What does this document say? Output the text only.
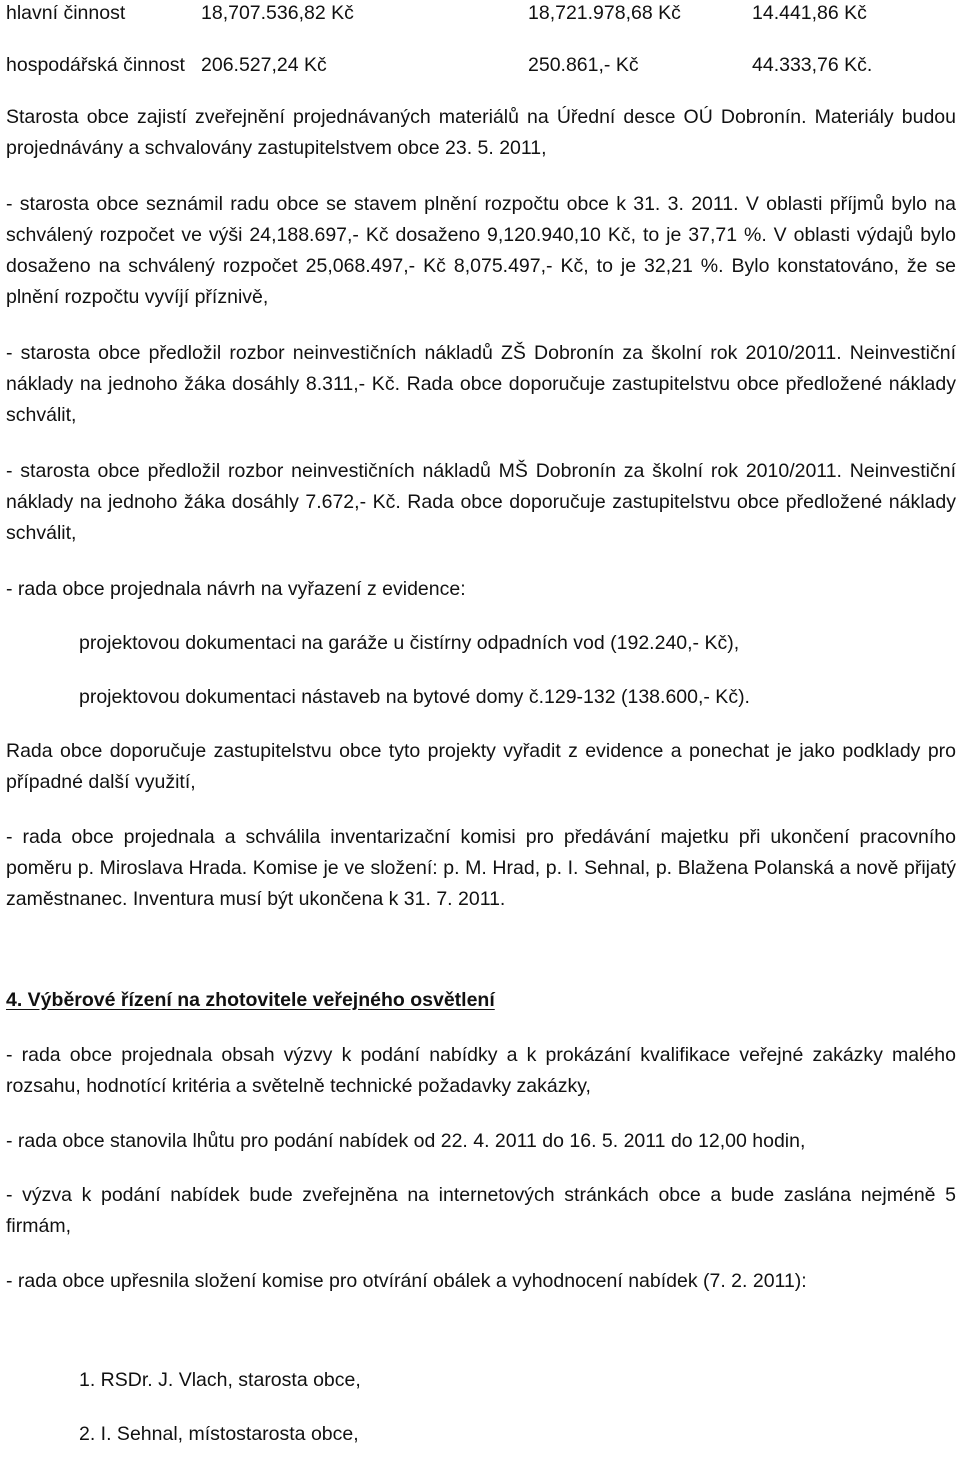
hlavní činnost	18,707.536,82 Kč	18,721.978,68 Kč	14.441,86 Kč
hospodářská činnost 206.527,24 Kč	250.861,- Kč	44.333,76 Kč.

Starosta obce zajistí zveřejnění projednávaných materiálů na Úřední desce OÚ Dobronín. Materiály budou projednávány a schvalovány zastupitelstvem obce 23. 5. 2011,

- starosta obce seznámil radu obce se stavem plnění rozpočtu obce k 31. 3. 2011. V oblasti příjmů bylo na schválený rozpočet ve výši 24,188.697,- Kč dosaženo 9,120.940,10 Kč, to je 37,71 %. V oblasti výdajů bylo dosaženo na schválený rozpočet 25,068.497,- Kč 8,075.497,- Kč, to je 32,21 %. Bylo konstatováno, že se plnění rozpočtu vyvíjí příznivě,

- starosta obce předložil rozbor neinvestičních nákladů ZŠ Dobronín za školní rok 2010/2011. Neinvestiční náklady na jednoho žáka dosáhly 8.311,- Kč. Rada obce doporučuje zastupitelstvu obce předložené náklady schválit,

- starosta obce předložil rozbor neinvestičních nákladů MŠ Dobronín za školní rok 2010/2011. Neinvestiční náklady na jednoho žáka dosáhly 7.672,- Kč. Rada obce doporučuje zastupitelstvu obce předložené náklady schválit,

- rada obce projednala návrh na vyřazení z evidence:

projektovou dokumentaci na garáže u čistírny odpadních vod (192.240,- Kč),

projektovou dokumentaci nástaveb na bytové domy č.129-132 (138.600,- Kč).

Rada obce doporučuje zastupitelstvu obce tyto projekty vyřadit z evidence a ponechat je jako podklady pro případné další využití,

- rada obce projednala a schválila inventarizační komisi pro předávání majetku při ukončení pracovního poměru p. Miroslava Hrada. Komise je ve složení: p. M. Hrad, p. I. Sehnal, p. Blažena Polanská a nově přijatý zaměstnanec. Inventura musí být ukončena k 31. 7. 2011.

4. Výběrové řízení na zhotovitele veřejného osvětlení

- rada obce projednala obsah výzvy k podání nabídky a k prokázání kvalifikace veřejné zakázky malého rozsahu, hodnotící kritéria a světelně technické požadavky zakázky,

- rada obce stanovila lhůtu pro podání nabídek od 22. 4. 2011 do 16. 5. 2011 do 12,00 hodin,

- výzva k podání nabídek bude zveřejněna na internetových stránkách obce a bude zaslána nejméně 5 firmám,

- rada obce upřesnila složení komise pro otvírání obálek a vyhodnocení nabídek (7. 2. 2011):

1. RSDr. J. Vlach, starosta obce,

2. I. Sehnal, místostarosta obce,
